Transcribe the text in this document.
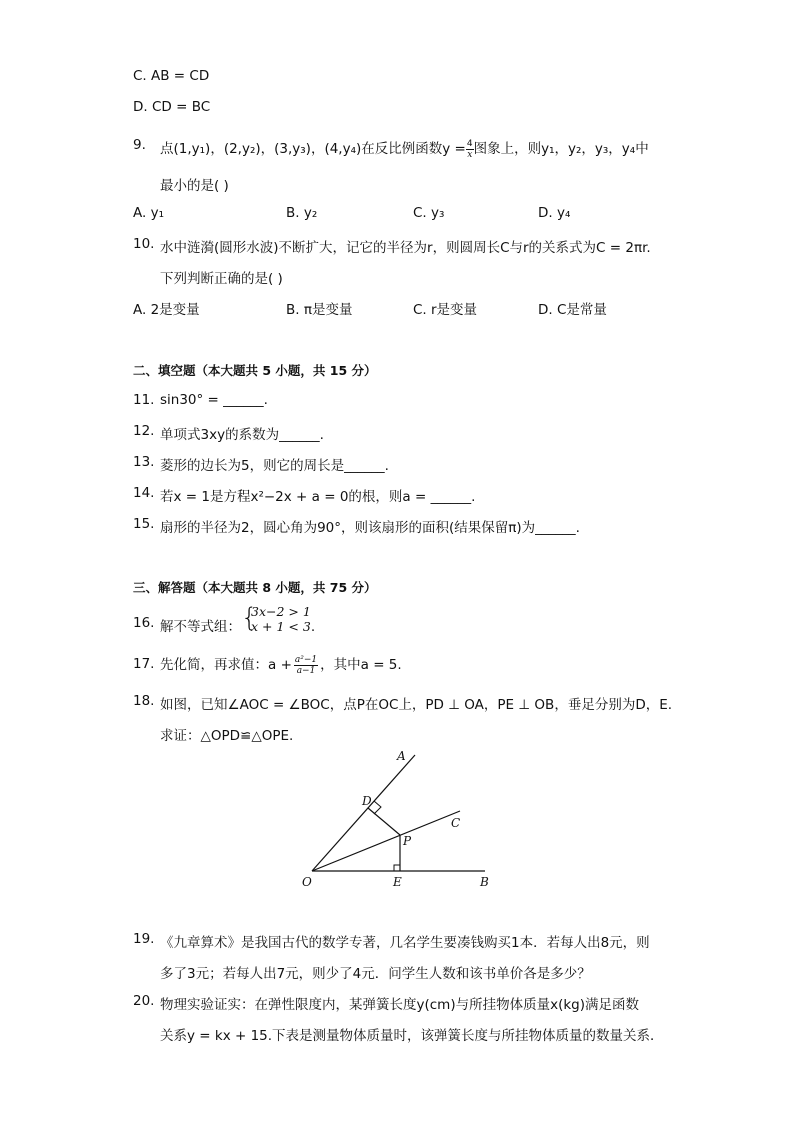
C. AB = CD
D. CD = BC
9. 点(1,y₁)，(2,y₂)，(3,y₃)，(4,y₄)在反比例函数$y = \frac{4}{x}$ 图象上，则y₁，y₂，y₃，y₄中
最小的是( )
A. y₁	B. y₂	C. y₃	D. y₄
10. 水中涟漪(圆形水波)不断扩大，记它的半径为r，则圆周长C与r的关系式为C = 2πr.
下列判断正确的是( )
A. 2是变量	B. π是变量	C. r是变量	D. C是常量
二、填空题（本大题共 5 小题，共 15 分）
11. sin30° = ______.
12. 单项式3xy的系数为______.
13. 菱形的边长为5，则它的周长是______.
14. 若x = 1是方程x²−2x + a = 0的根，则a = ______.
15. 扇形的半径为2，圆心角为90°，则该扇形的面积(结果保留π)为______.
三、解答题（本大题共 8 小题，共 75 分）
16. 解不等式组： {
3x−2 > 1
x + 1 < 3 .
17. 先化简，再求值：$a + \frac{\text{a²−1}}{a-1}$ ，其中a = 5.
18. 如图，已知∠AOC = ∠BOC，点P在OC上，PD ⊥ OA，PE ⊥ OB，垂足分别为D，E.
求证：△OPD≌△OPE.
A
C
D
P
O	E	B
19. 《九章算术》是我国古代的数学专著，几名学生要凑钱购买1本．若每人出8元，则
多了3元；若每人出7元，则少了4元．问学生人数和该书单价各是多少？
20. 物理实验证实：在弹性限度内，某弹簧长度y(cm)与所挂物体质量x(kg)满足函数
关系y = kx + 15.下表是测量物体质量时，该弹簧长度与所挂物体质量的数量关系．
